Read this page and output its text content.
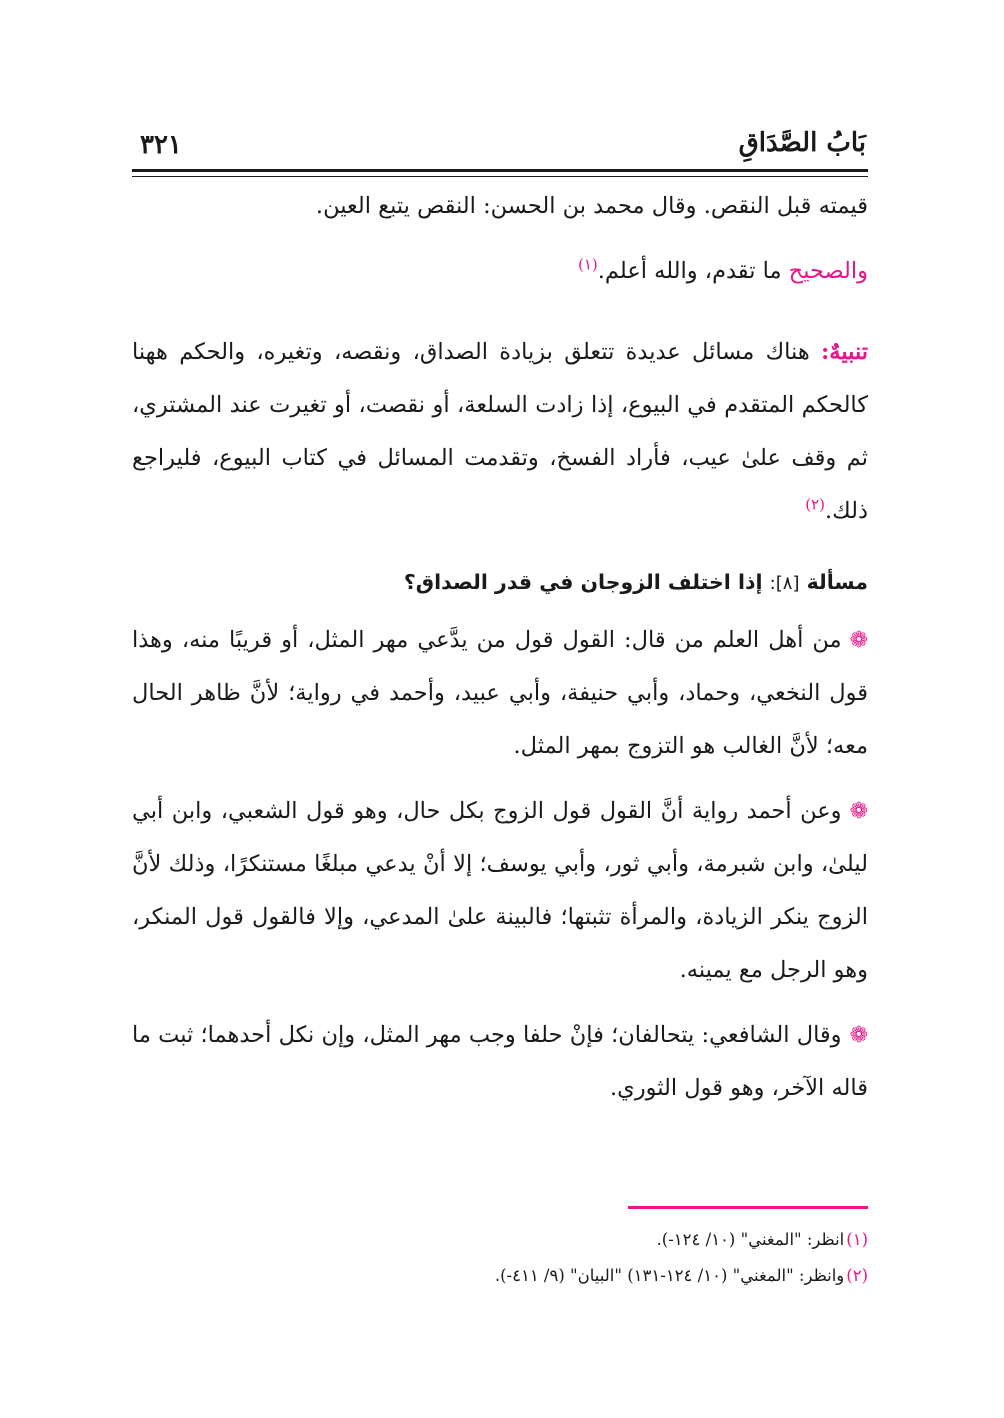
بَابُ الصَّدَاقِ
٣٢١

قيمته قبل النقص. وقال محمد بن الحسن: النقص يتبع العين.

والصحيح ما تقدم، والله أعلم.$^{(١)}$

تنبيهٌ: هناك مسائل عديدة تتعلق بزيادة الصداق، ونقصه، وتغيره، والحكم ههنا كالحكم المتقدم في البيوع، إذا زادت السلعة، أو نقصت، أو تغيرت عند المشتري، ثم وقف علىٰ عيب، فأراد الفسخ، وتقدمت المسائل في كتاب البيوع، فليراجع ذلك.$^{(٢)}$

مسألة [٨]: إذا اختلف الزوجان في قدر الصداق؟

❁من أهل العلم من قال: القول قول من يدَّعي مهر المثل، أو قريبًا منه، وهذا قول النخعي، وحماد، وأبي حنيفة، وأبي عبيد، وأحمد في رواية؛ لأنَّ ظاهر الحال معه؛ لأنَّ الغالب هو التزوج بمهر المثل.

❁وعن أحمد رواية أنَّ القول قول الزوج بكل حال، وهو قول الشعبي، وابن أبي ليلىٰ، وابن شبرمة، وأبي ثور، وأبي يوسف؛ إلا أنْ يدعي مبلغًا مستنكرًا، وذلك لأنَّ الزوج ينكر الزيادة، والمرأة تثبتها؛ فالبينة علىٰ المدعي، وإلا فالقول قول المنكر، وهو الرجل مع يمينه.

❁وقال الشافعي: يتحالفان؛ فإنْ حلفا وجب مهر المثل، وإن نكل أحدهما؛ ثبت ما قاله الآخر، وهو قول الثوري.

(١)انظر: "المغني" (١٠/ ١٢٤-).

(٢)وانظر: "المغني" (١٠/ ١٢٤-١٣١) "البيان" (٩/ ٤١١-).
